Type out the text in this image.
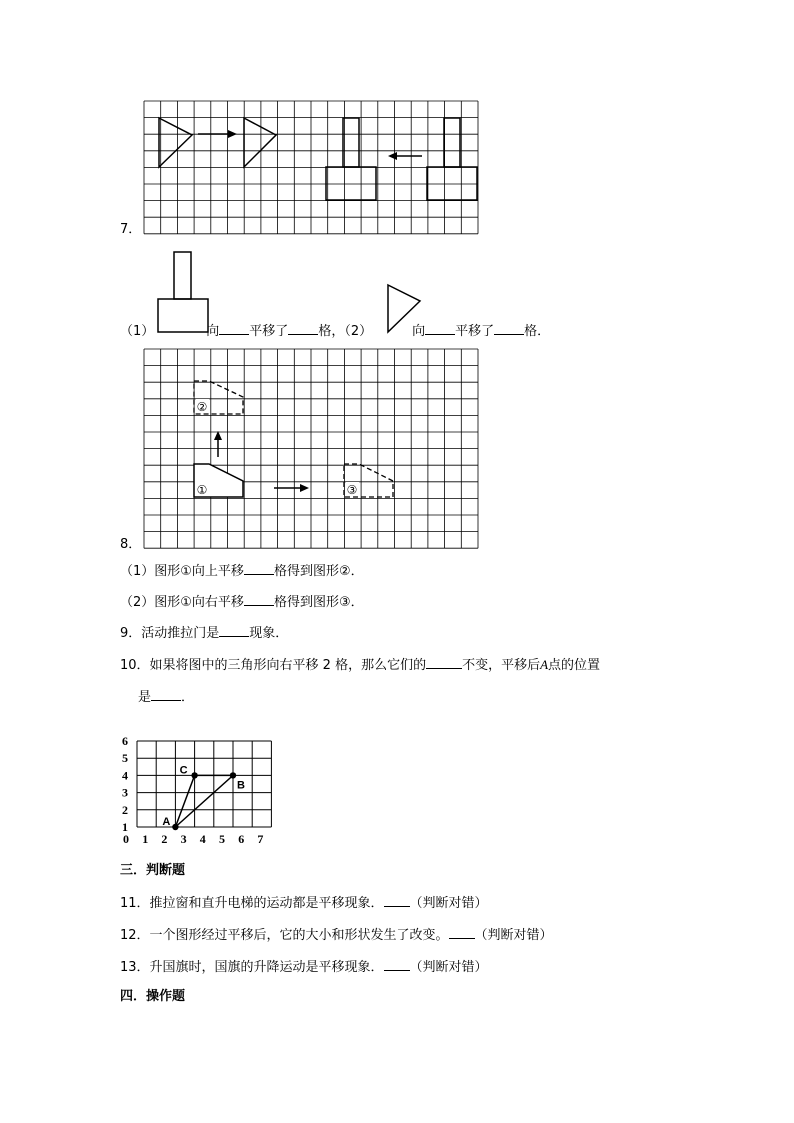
7．
（1）	向 平移了 格，（2）	向 平移了 格．
①
②
③
8．
（1）图形①向上平移 格得到图形②．
（2）图形①向右平移 格得到图形③．
9．活动推拉门是 现象．
10．如果将图中的三角形向右平移 2 格，那么它们的	不变，平移后A点的位置
是 ．
0 1 2 3 4 5 6 7
1
2
3
4
5
6
A
B
C
三．判断题
11．推拉窗和直升电梯的运动都是平移现象． （判断对错）
12．一个图形经过平移后，它的大小和形状发生了改变。 （判断对错）
13．升国旗时，国旗的升降运动是平移现象． （判断对错）
四．操作题
